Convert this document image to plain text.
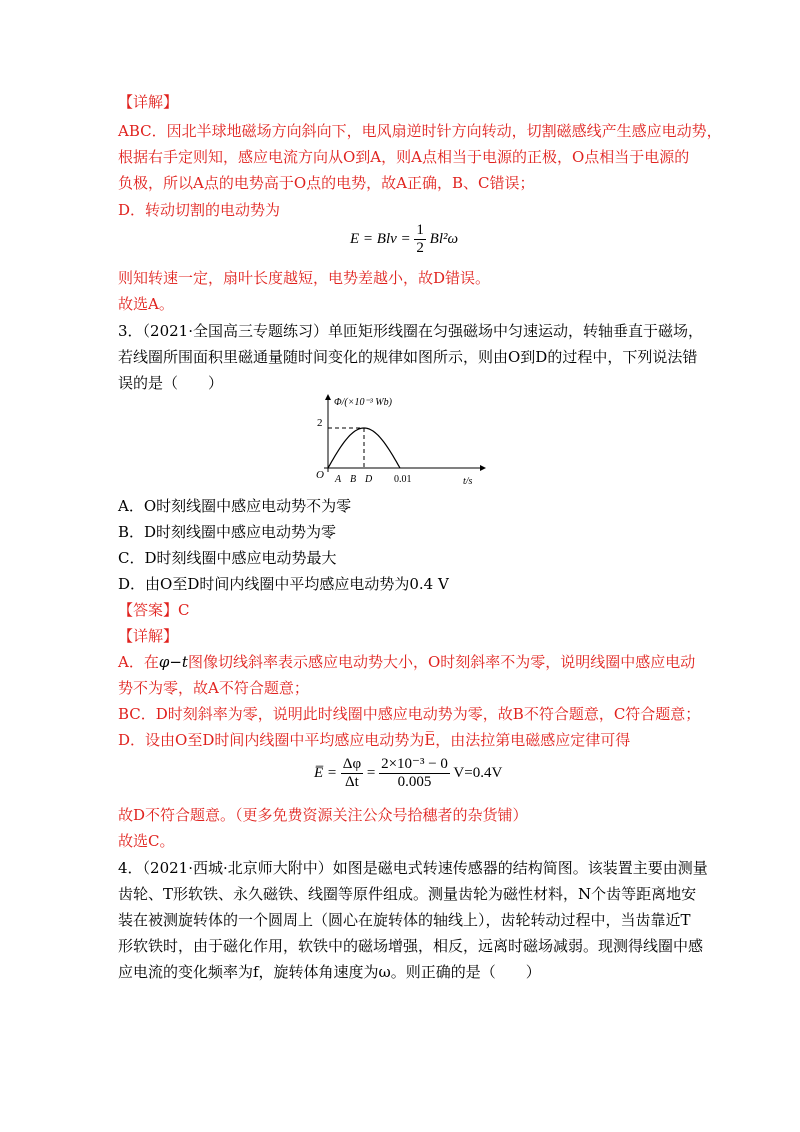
【详解】
ABC．因北半球地磁场方向斜向下，电风扇逆时针方向转动，切割磁感线产生感应电动势，
根据右手定则知，感应电流方向从O到A，则A点相当于电源的正极，O点相当于电源的
负极，所以A点的电势高于O点的电势，故A正确，B、C错误；
D．转动切割的电动势为
E = Blv = $\frac{1}{2} Bl^2\omega$
则知转速一定，扇叶长度越短，电势差越小，故D错误。
故选A。
3．（2021·全国高三专题练习）单匝矩形线圈在匀强磁场中匀速运动，转轴垂直于磁场，
若线圈所围面积里磁通量随时间变化的规律如图所示，则由O到D的过程中，下列说法错
误的是（　　）
Φ/(×10⁻³ Wb)
2
O A B D 0.01	t/s
A．O时刻线圈中感应电动势不为零
B．D时刻线圈中感应电动势为零
C．D时刻线圈中感应电动势最大
D．由O至D时间内线圈中平均感应电动势为0.4 V
【答案】C
【详解】
A．在φ−t图像切线斜率表示感应电动势大小，O时刻斜率不为零，说明线圈中感应电动
势不为零，故A不符合题意；
BC．D时刻斜率为零，说明此时线圈中感应电动势为零，故B不符合题意，C符合题意；
D．设由O至D时间内线圈中平均感应电动势为E̅，由法拉第电磁感应定律可得
E̅ = $\frac{\Delta\varphi}{\Delta t} = \frac{\text{2×10⁻³ − 0}}{0.005} V=0.4V$
故D不符合题意。（更多免费资源关注公众号拾穗者的杂货铺）
故选C。
4．（2021·西城·北京师大附中）如图是磁电式转速传感器的结构简图。该装置主要由测量
齿轮、T形软铁、永久磁铁、线圈等原件组成。测量齿轮为磁性材料，N个齿等距离地安
装在被测旋转体的一个圆周上（圆心在旋转体的轴线上），齿轮转动过程中，当齿靠近T
形软铁时，由于磁化作用，软铁中的磁场增强，相反，远离时磁场减弱。现测得线圈中感
应电流的变化频率为f，旋转体角速度为ω。则正确的是（　　）
